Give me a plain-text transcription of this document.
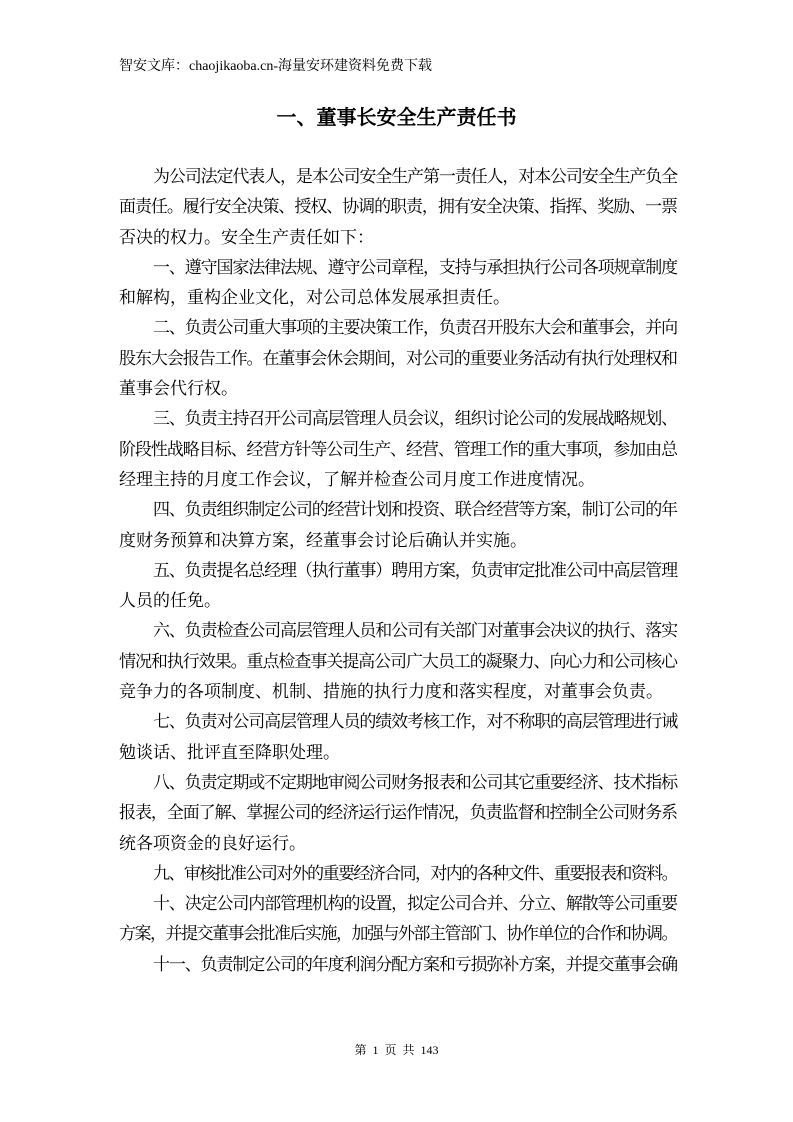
智安文库：chaojikaoba.cn-海量安环建资料免费下载
一、董事长安全生产责任书
为公司法定代表人，是本公司安全生产第一责任人，对本公司安全生产负全
面责任。履行安全决策、授权、协调的职责，拥有安全决策、指挥、奖励、一票
否决的权力。安全生产责任如下：
一、遵守国家法律法规、遵守公司章程，支持与承担执行公司各项规章制度
和解构，重构企业文化，对公司总体发展承担责任。
二、负责公司重大事项的主要决策工作，负责召开股东大会和董事会，并向
股东大会报告工作。在董事会休会期间，对公司的重要业务活动有执行处理权和
董事会代行权。
三、负责主持召开公司高层管理人员会议，组织讨论公司的发展战略规划、
阶段性战略目标、经营方针等公司生产、经营、管理工作的重大事项，参加由总
经理主持的月度工作会议，了解并检查公司月度工作进度情况。
四、负责组织制定公司的经营计划和投资、联合经营等方案，制订公司的年
度财务预算和决算方案，经董事会讨论后确认并实施。
五、负责提名总经理（执行董事）聘用方案，负责审定批准公司中高层管理
人员的任免。
六、负责检查公司高层管理人员和公司有关部门对董事会决议的执行、落实
情况和执行效果。重点检查事关提高公司广大员工的凝聚力、向心力和公司核心
竞争力的各项制度、机制、措施的执行力度和落实程度，对董事会负责。
七、负责对公司高层管理人员的绩效考核工作，对不称职的高层管理进行诫
勉谈话、批评直至降职处理。
八、负责定期或不定期地审阅公司财务报表和公司其它重要经济、技术指标
报表，全面了解、掌握公司的经济运行运作情况，负责监督和控制全公司财务系
统各项资金的良好运行。
九、审核批准公司对外的重要经济合同，对内的各种文件、重要报表和资料。
十、决定公司内部管理机构的设置，拟定公司合并、分立、解散等公司重要
方案，并提交董事会批准后实施，加强与外部主管部门、协作单位的合作和协调。
十一、负责制定公司的年度利润分配方案和亏损弥补方案，并提交董事会确
第 1 页 共 143
